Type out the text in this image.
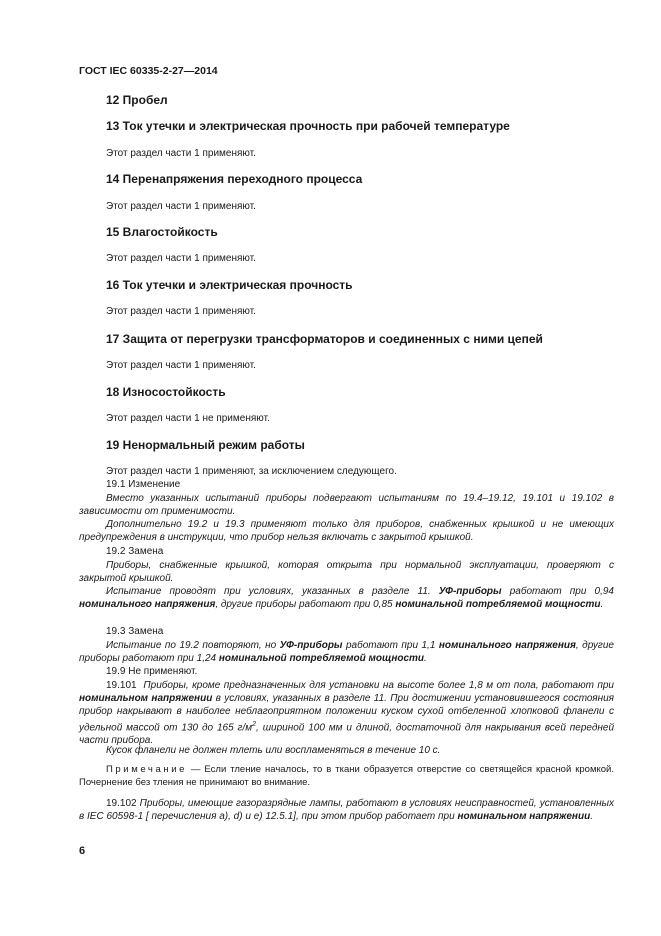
ГОСТ IEC 60335-2-27—2014
12 Пробел
13 Ток утечки и электрическая прочность при рабочей температуре
Этот раздел части 1 применяют.
14 Перенапряжения переходного процесса
Этот раздел части 1 применяют.
15 Влагостойкость
Этот раздел части 1 применяют.
16 Ток утечки и электрическая прочность
Этот раздел части 1 применяют.
17 Защита от перегрузки трансформаторов и соединенных с ними цепей
Этот раздел части 1 применяют.
18 Износостойкость
Этот раздел части 1 не применяют.
19 Ненормальный режим работы
Этот раздел части 1 применяют, за исключением следующего.
19.1 Изменение
Вместо указанных испытаний приборы подвергают испытаниям по 19.4–19.12, 19.101 и 19.102 в зависимости от применимости.
Дополнительно 19.2 и 19.3 применяют только для приборов, снабженных крышкой и не имеющих предупреждения в инструкции, что прибор нельзя включать с закрытой крышкой.
19.2 Замена
Приборы, снабженные крышкой, которая открыта при нормальной эксплуатации, проверяют с закрытой крышкой.
Испытание проводят при условиях, указанных в разделе 11. УФ-приборы работают при 0,94 номинального напряжения, другие приборы работают при 0,85 номинальной потребляемой мощности.
19.3 Замена
Испытание по 19.2 повторяют, но УФ-приборы работают при 1,1 номинального напряжения, другие приборы работают при 1,24 номинальной потребляемой мощности.
19.9 Не применяют.
19.101 Приборы, кроме предназначенных для установки на высоте более 1,8 м от пола, работают при номинальном напряжении в условиях, указанных в разделе 11. При достижении установившегося состояния прибор накрывают в наиболее неблагоприятном положении куском сухой отбеленной хлопковой фланели с удельной массой от 130 до 165 $г/м^2$, шириной 100 мм и длиной, достаточной для накрывания всей передней части прибора.
Кусок фланели не должен тлеть или воспламеняться в течение 10 с.
Примечание — Если тление началось, то в ткани образуется отверстие со светящейся красной кромкой. Почернение без тления не принимают во внимание.
19.102 Приборы, имеющие газоразрядные лампы, работают в условиях неисправностей, установленных в IEC 60598-1 [ перечисления a), d) и e) 12.5.1], при этом прибор работает при номинальном напряжении.
6
